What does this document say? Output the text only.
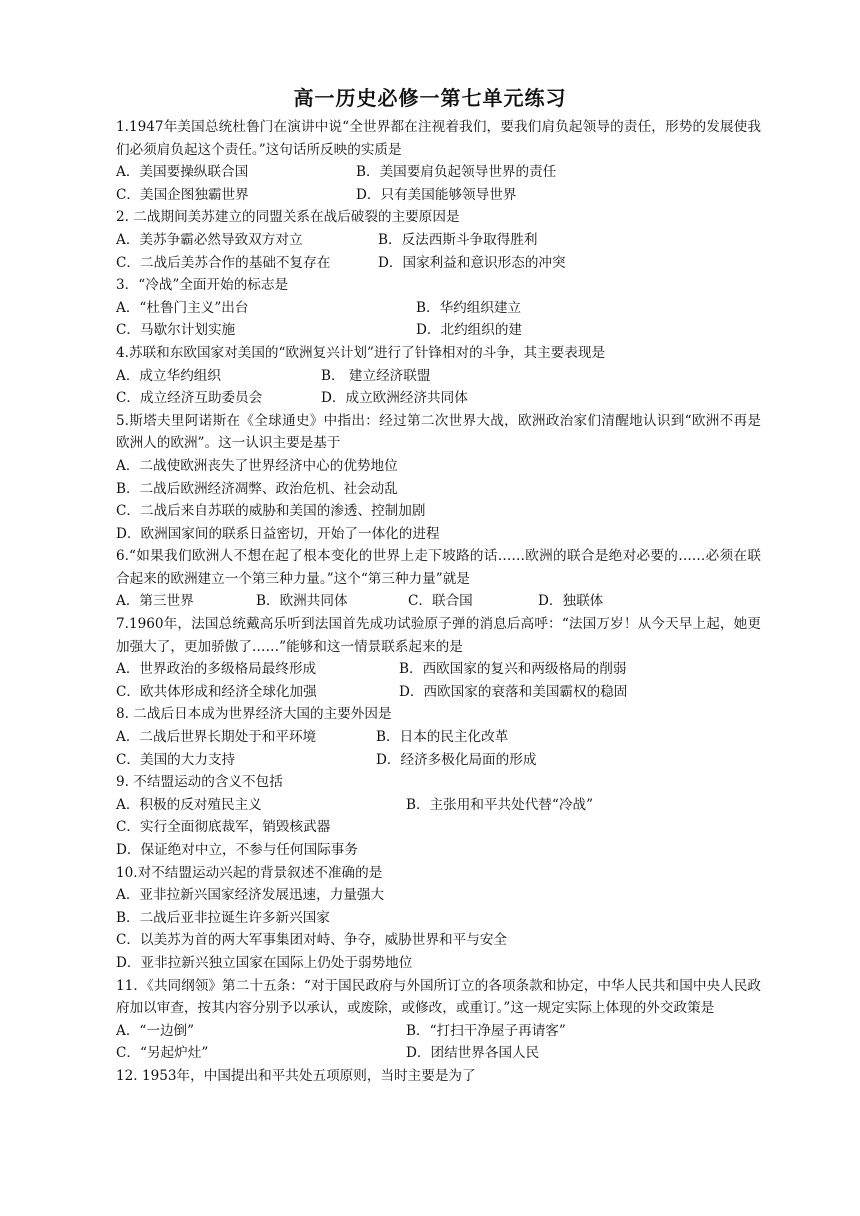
高一历史必修一第七单元练习
1.1947年美国总统杜鲁门在演讲中说“全世界都在注视着我们，要我们肩负起领导的责任，形势的发展使我们必须肩负起这个责任。”这句话所反映的实质是
A．美国要操纵联合国	B．美国要肩负起领导世界的责任
C．美国企图独霸世界	D．只有美国能够领导世界
2. 二战期间美苏建立的同盟关系在战后破裂的主要原因是
A．美苏争霸必然导致双方对立	B．反法西斯斗争取得胜利
C．二战后美苏合作的基础不复存在	D．国家利益和意识形态的冲突
3．“冷战”全面开始的标志是
A．“杜鲁门主义”出台	B．华约组织建立
C．马歇尔计划实施	D．北约组织的建
4.苏联和东欧国家对美国的“欧洲复兴计划”进行了针锋相对的斗争，其主要表现是
A．成立华约组织	B． 建立经济联盟
C．成立经济互助委员会	D．成立欧洲经济共同体
5.斯塔夫里阿诺斯在《全球通史》中指出：经过第二次世界大战，欧洲政治家们清醒地认识到“欧洲不再是欧洲人的欧洲”。这一认识主要是基于
A．二战使欧洲丧失了世界经济中心的优势地位
B．二战后欧洲经济凋弊、政治危机、社会动乱
C．二战后来自苏联的威胁和美国的渗透、控制加剧
D．欧洲国家间的联系日益密切，开始了一体化的进程
6.“如果我们欧洲人不想在起了根本变化的世界上走下坡路的话……欧洲的联合是绝对必要的……必须在联合起来的欧洲建立一个第三种力量。”这个“第三种力量”就是
A．第三世界	B．欧洲共同体	C．联合国	D．独联体
7.1960年，法国总统戴高乐听到法国首先成功试验原子弹的消息后高呼：“法国万岁！从今天早上起，她更加强大了，更加骄傲了……”能够和这一情景联系起来的是
A．世界政治的多级格局最终形成	B．西欧国家的复兴和两级格局的削弱
C．欧共体形成和经济全球化加强	D．西欧国家的衰落和美国霸权的稳固
8. 二战后日本成为世界经济大国的主要外因是
A．二战后世界长期处于和平环境	B．日本的民主化改革
C．美国的大力支持	D．经济多极化局面的形成
9. 不结盟运动的含义不包括
A．积极的反对殖民主义	B．主张用和平共处代替“冷战”
C．实行全面彻底裁军，销毁核武器
D．保证绝对中立，不参与任何国际事务
10.对不结盟运动兴起的背景叙述不准确的是
A．亚非拉新兴国家经济发展迅速，力量强大
B．二战后亚非拉诞生许多新兴国家
C．以美苏为首的两大军事集团对峙、争夺，威胁世界和平与安全
D．亚非拉新兴独立国家在国际上仍处于弱势地位
11．《共同纲领》第二十五条：“对于国民政府与外国所订立的各项条款和协定，中华人民共和国中央人民政府加以审查，按其内容分别予以承认，或废除，或修改，或重订。”这一规定实际上体现的外交政策是
A．“一边倒”	B．“打扫干净屋子再请客”
C．“另起炉灶”	D．团结世界各国人民
12. 1953年，中国提出和平共处五项原则，当时主要是为了
